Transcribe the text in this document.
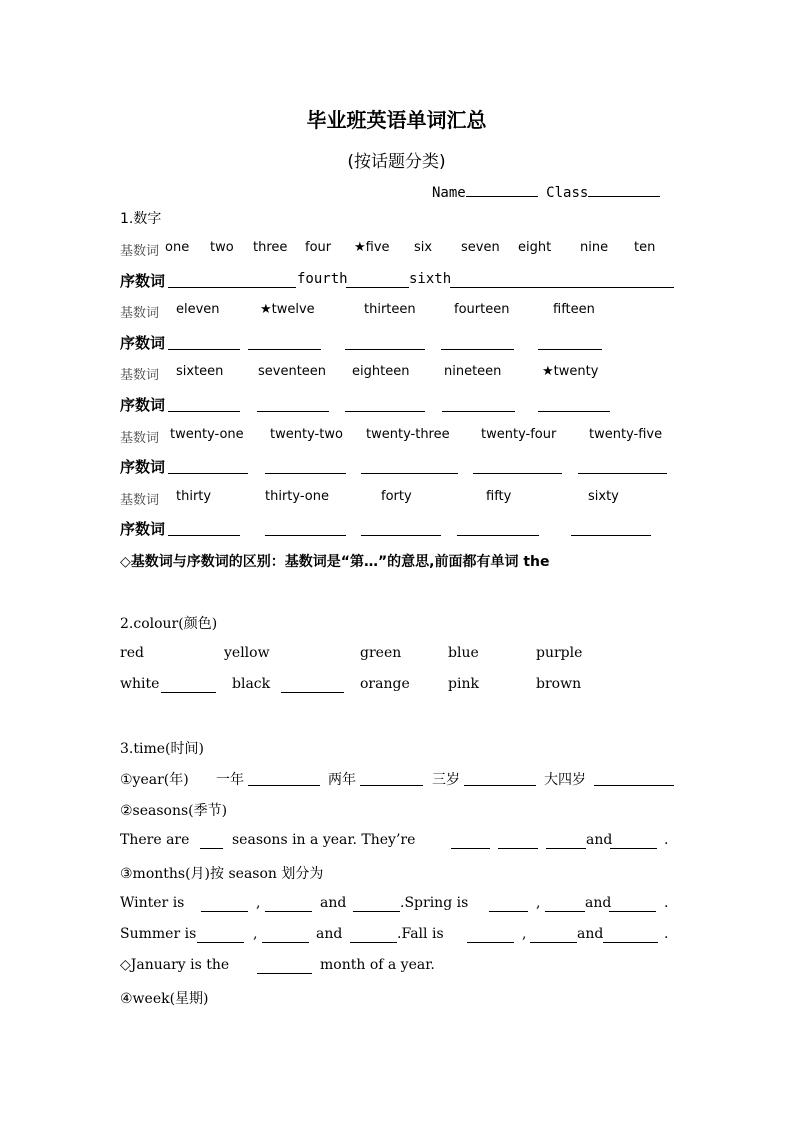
毕业班英语单词汇总
(按话题分类)
Name	Class
1.数字
基数词 one two three four ★five six seven eight nine ten
序数词	fourth	sixth
基数词 eleven	★twelve	thirteen	fourteen	fifteen
序数词
基数词 sixteen	seventeen eighteen	nineteen	★twenty
序数词
基数词 twenty-one twenty-two twenty-three twenty-four	twenty-five
序数词
基数词 thirty	thirty-one	forty	fifty	sixty
序数词
◇基数词与序数词的区别：基数词是“第…”的意思,前面都有单词 the
2.colour(颜色)
red	yellow	green	blue	purple
white	black	orange	pink	brown
3.time(时间)
①year(年) 一年	两年	三岁	大四岁
②seasons(季节)
There are	seasons in a year. They’re	and	.
③months(月)按 season 划分为
Winter is	,	and	.Spring is	,	and	.
Summer is	,	and	.Fall is	,	and	.
◇January is the	month of a year.
④week(星期)
